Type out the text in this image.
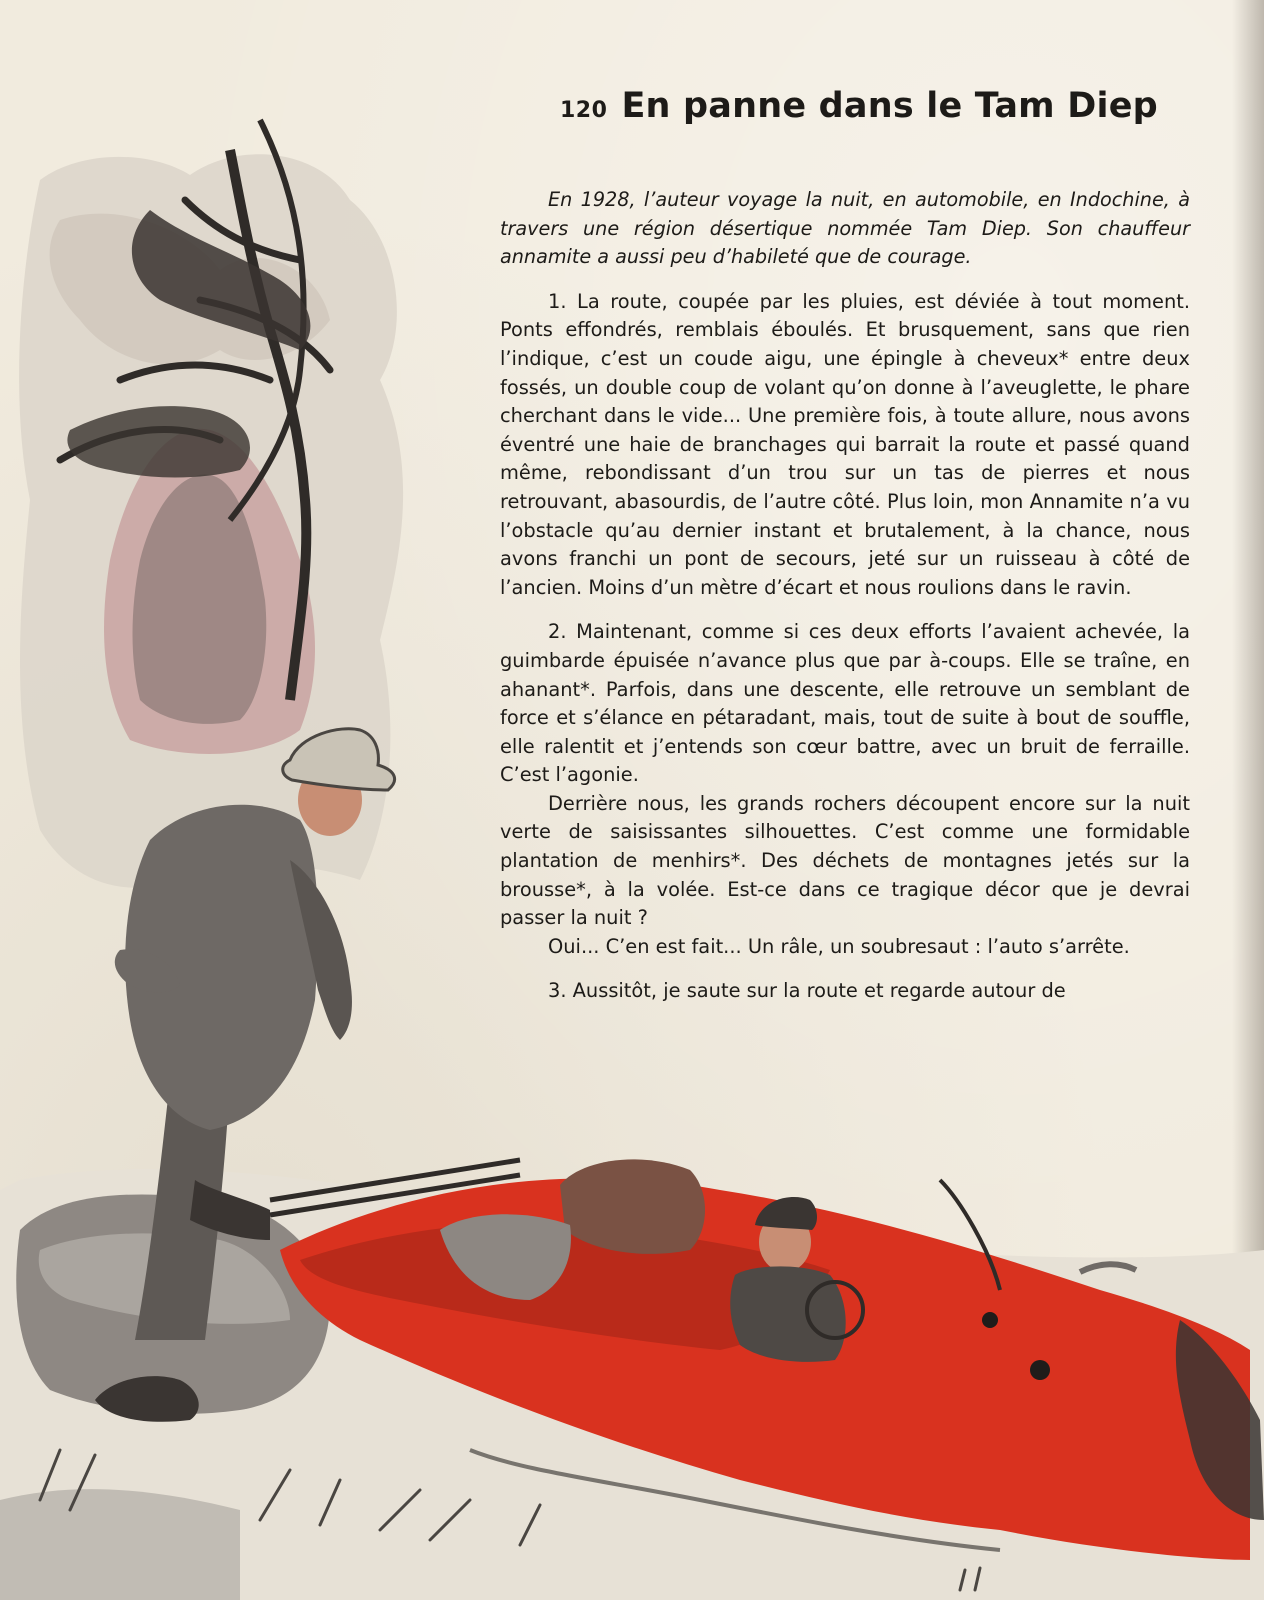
120 En panne dans le Tam Diep

En 1928, l’auteur voyage la nuit, en automobile, en Indochine, à travers une région désertique nommée Tam Diep. Son chauffeur annamite a aussi peu d’habileté que de courage.

1. La route, coupée par les pluies, est déviée à tout moment. Ponts effondrés, remblais éboulés. Et brusquement, sans que rien l’indique, c’est un coude aigu, une épingle à cheveux* entre deux fossés, un double coup de volant qu’on donne à l’aveuglette, le phare cherchant dans le vide... Une première fois, à toute allure, nous avons éventré une haie de branchages qui barrait la route et passé quand même, rebondissant d’un trou sur un tas de pierres et nous retrouvant, abasourdis, de l’autre côté. Plus loin, mon Annamite n’a vu l’obstacle qu’au dernier instant et brutalement, à la chance, nous avons franchi un pont de secours, jeté sur un ruisseau à côté de l’ancien. Moins d’un mètre d’écart et nous roulions dans le ravin.

2. Maintenant, comme si ces deux efforts l’avaient achevée, la guimbarde épuisée n’avance plus que par à-coups. Elle se traîne, en ahanant*. Parfois, dans une descente, elle retrouve un semblant de force et s’élance en pétaradant, mais, tout de suite à bout de souffle, elle ralentit et j’entends son cœur battre, avec un bruit de ferraille. C’est l’agonie.

Derrière nous, les grands rochers découpent encore sur la nuit verte de saisissantes silhouettes. C’est comme une formidable plantation de menhirs*. Des déchets de montagnes jetés sur la brousse*, à la volée. Est-ce dans ce tragique décor que je devrai passer la nuit ?

Oui... C’en est fait... Un râle, un soubresaut : l’auto s’arrête.

3. Aussitôt, je saute sur la route et regarde autour de
